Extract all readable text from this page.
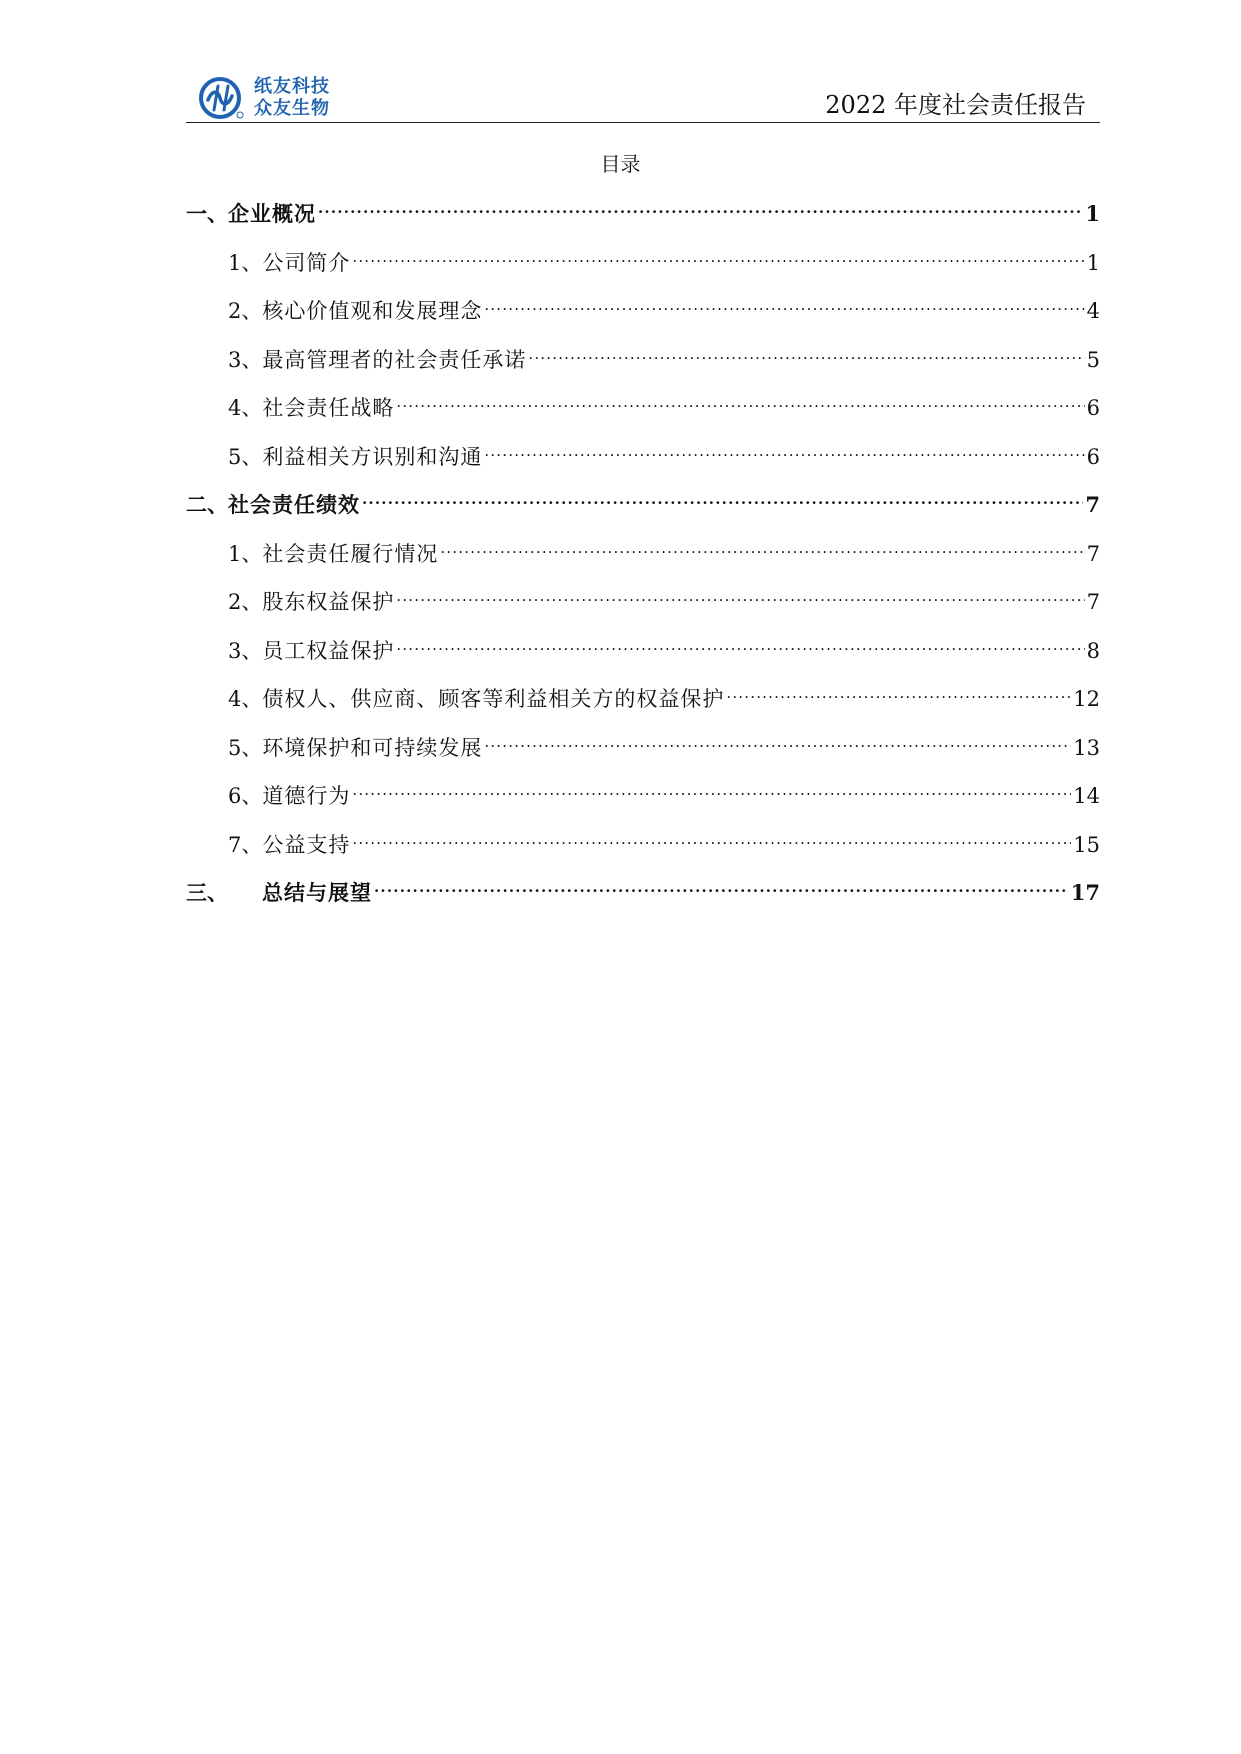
纸友科技
众友生物	2022 年度社会责任报告
目录
一、 企业概况 .....	1
1、 公司简介 .....	1
2、 核心价值观和发展理念 .....	4
3、 最高管理者的社会责任承诺 .....	5
4、 社会责任战略 .....	6
5、 利益相关方识别和沟通 .....	6
二、 社会责任绩效 .....	7
1、 社会责任履行情况 .....	7
2、 股东权益保护 .....	7
3、 员工权益保护 .....	8
4、 债权人、供应商、顾客等利益相关方的权益保护 .....	12
5、 环境保护和可持续发展 .....	13
6、 道德行为 .....	14
7、 公益支持 .....	15
三、	总结与展望 .....	17
